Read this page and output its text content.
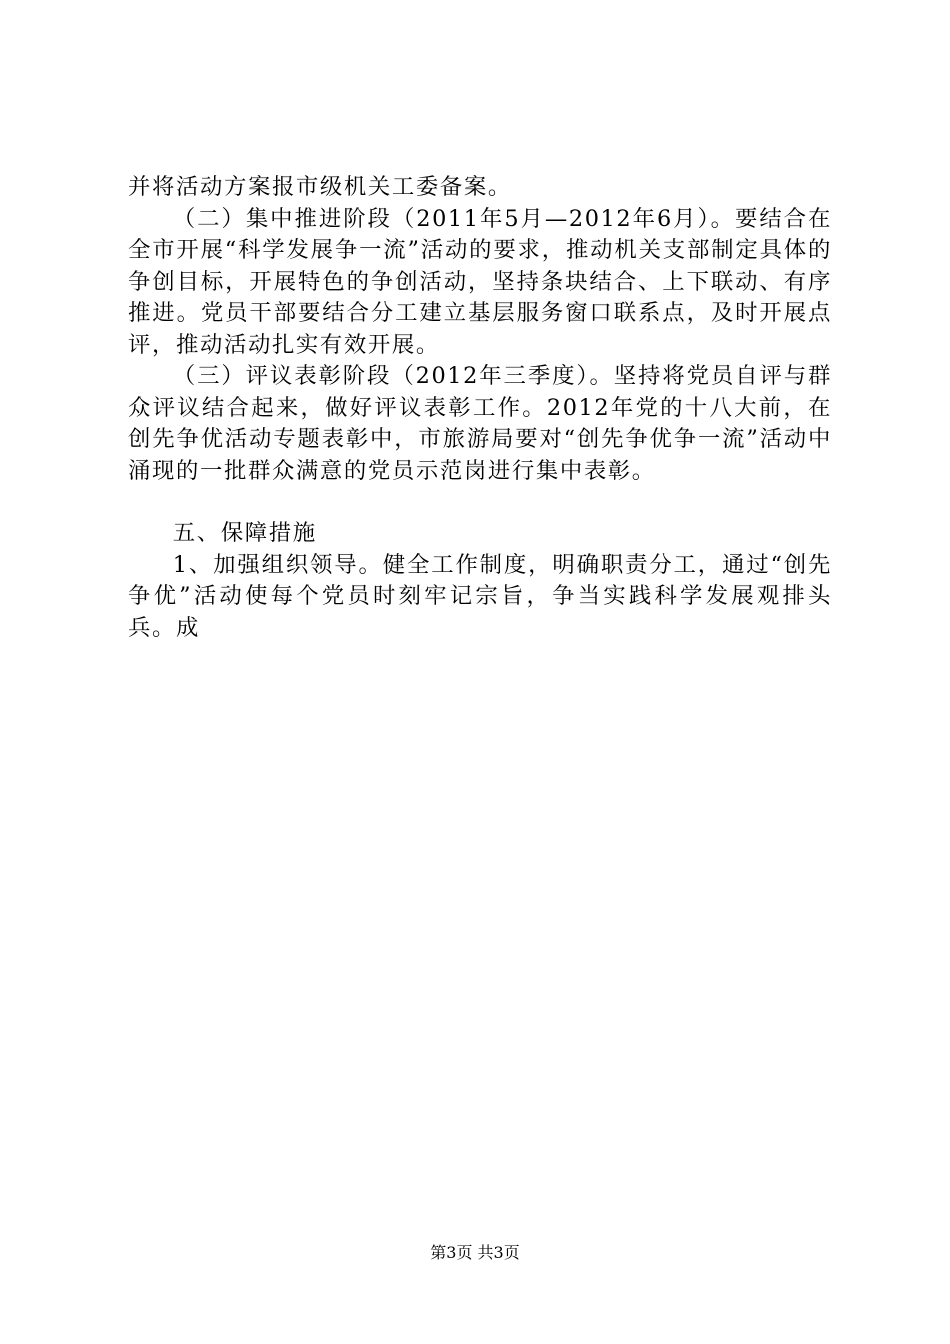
并将活动方案报市级机关工委备案。

（二）集中推进阶段（2011年5月—2012年6月）。要结合在全市开展“科学发展争一流”活动的要求，推动机关支部制定具体的争创目标，开展特色的争创活动，坚持条块结合、上下联动、有序推进。党员干部要结合分工建立基层服务窗口联系点，及时开展点评，推动活动扎实有效开展。

（三）评议表彰阶段（2012年三季度）。坚持将党员自评与群众评议结合起来，做好评议表彰工作。2012年党的十八大前，在创先争优活动专题表彰中，市旅游局要对“创先争优争一流”活动中涌现的一批群众满意的党员示范岗进行集中表彰。

五、保障措施

1、加强组织领导。健全工作制度，明确职责分工，通过“创先争优”活动使每个党员时刻牢记宗旨，争当实践科学发展观排头兵。成

第3页 共3页
